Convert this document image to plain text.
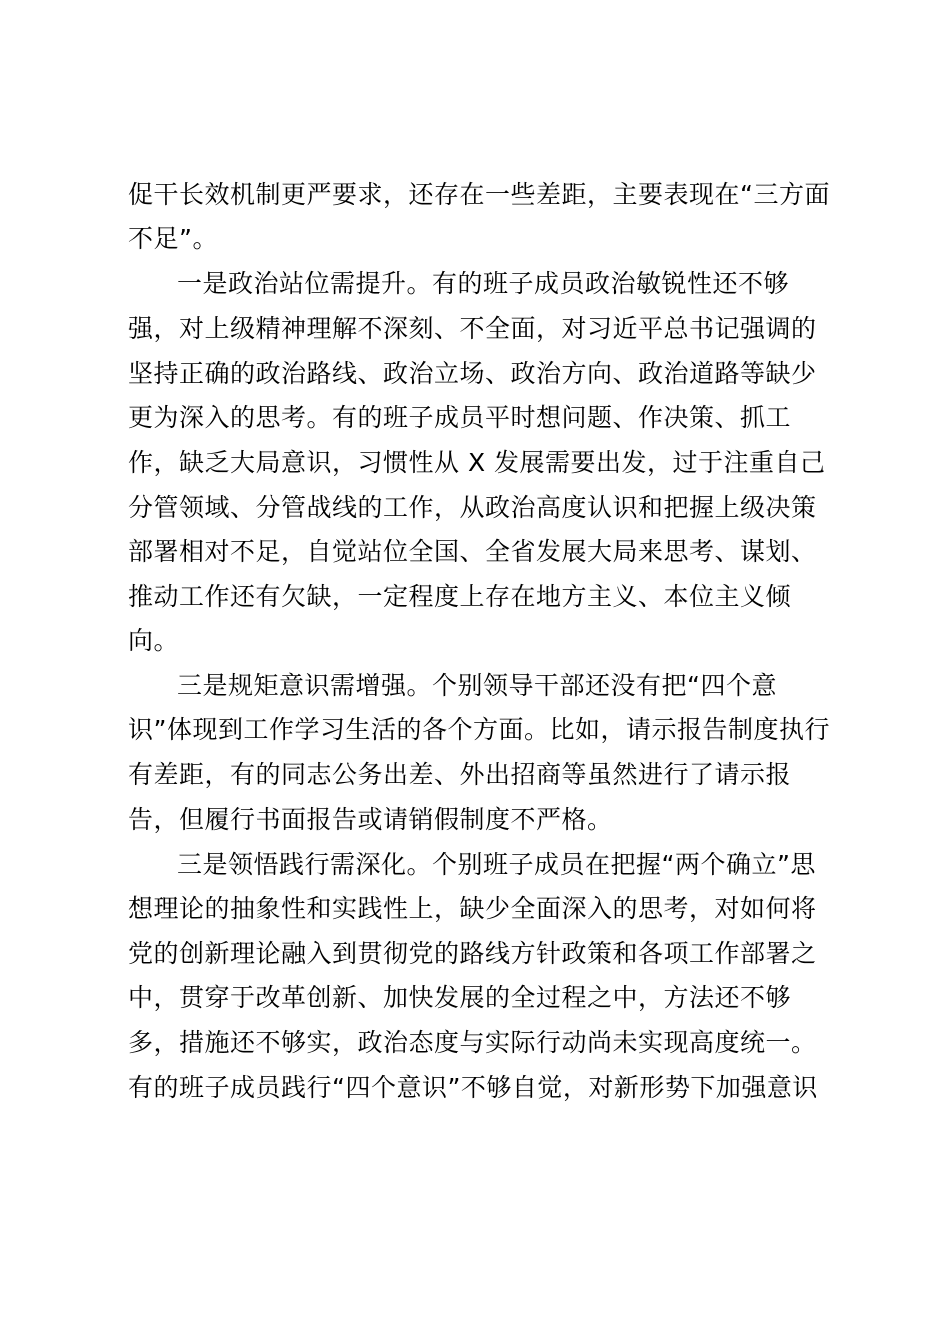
促干长效机制更严要求，还存在一些差距，主要表现在“三方面
不足”。
一是政治站位需提升。有的班子成员政治敏锐性还不够
强，对上级精神理解不深刻、不全面，对习近平总书记强调的
坚持正确的政治路线、政治立场、政治方向、政治道路等缺少
更为深入的思考。有的班子成员平时想问题、作决策、抓工
作，缺乏大局意识，习惯性从 X 发展需要出发，过于注重自己
分管领域、分管战线的工作，从政治高度认识和把握上级决策
部署相对不足，自觉站位全国、全省发展大局来思考、谋划、
推动工作还有欠缺，一定程度上存在地方主义、本位主义倾
向。
三是规矩意识需增强。个别领导干部还没有把“四个意
识”体现到工作学习生活的各个方面。比如，请示报告制度执行
有差距，有的同志公务出差、外出招商等虽然进行了请示报
告，但履行书面报告或请销假制度不严格。
三是领悟践行需深化。个别班子成员在把握“两个确立”思
想理论的抽象性和实践性上，缺少全面深入的思考，对如何将
党的创新理论融入到贯彻党的路线方针政策和各项工作部署之
中，贯穿于改革创新、加快发展的全过程之中，方法还不够
多，措施还不够实，政治态度与实际行动尚未实现高度统一。
有的班子成员践行“四个意识”不够自觉，对新形势下加强意识
